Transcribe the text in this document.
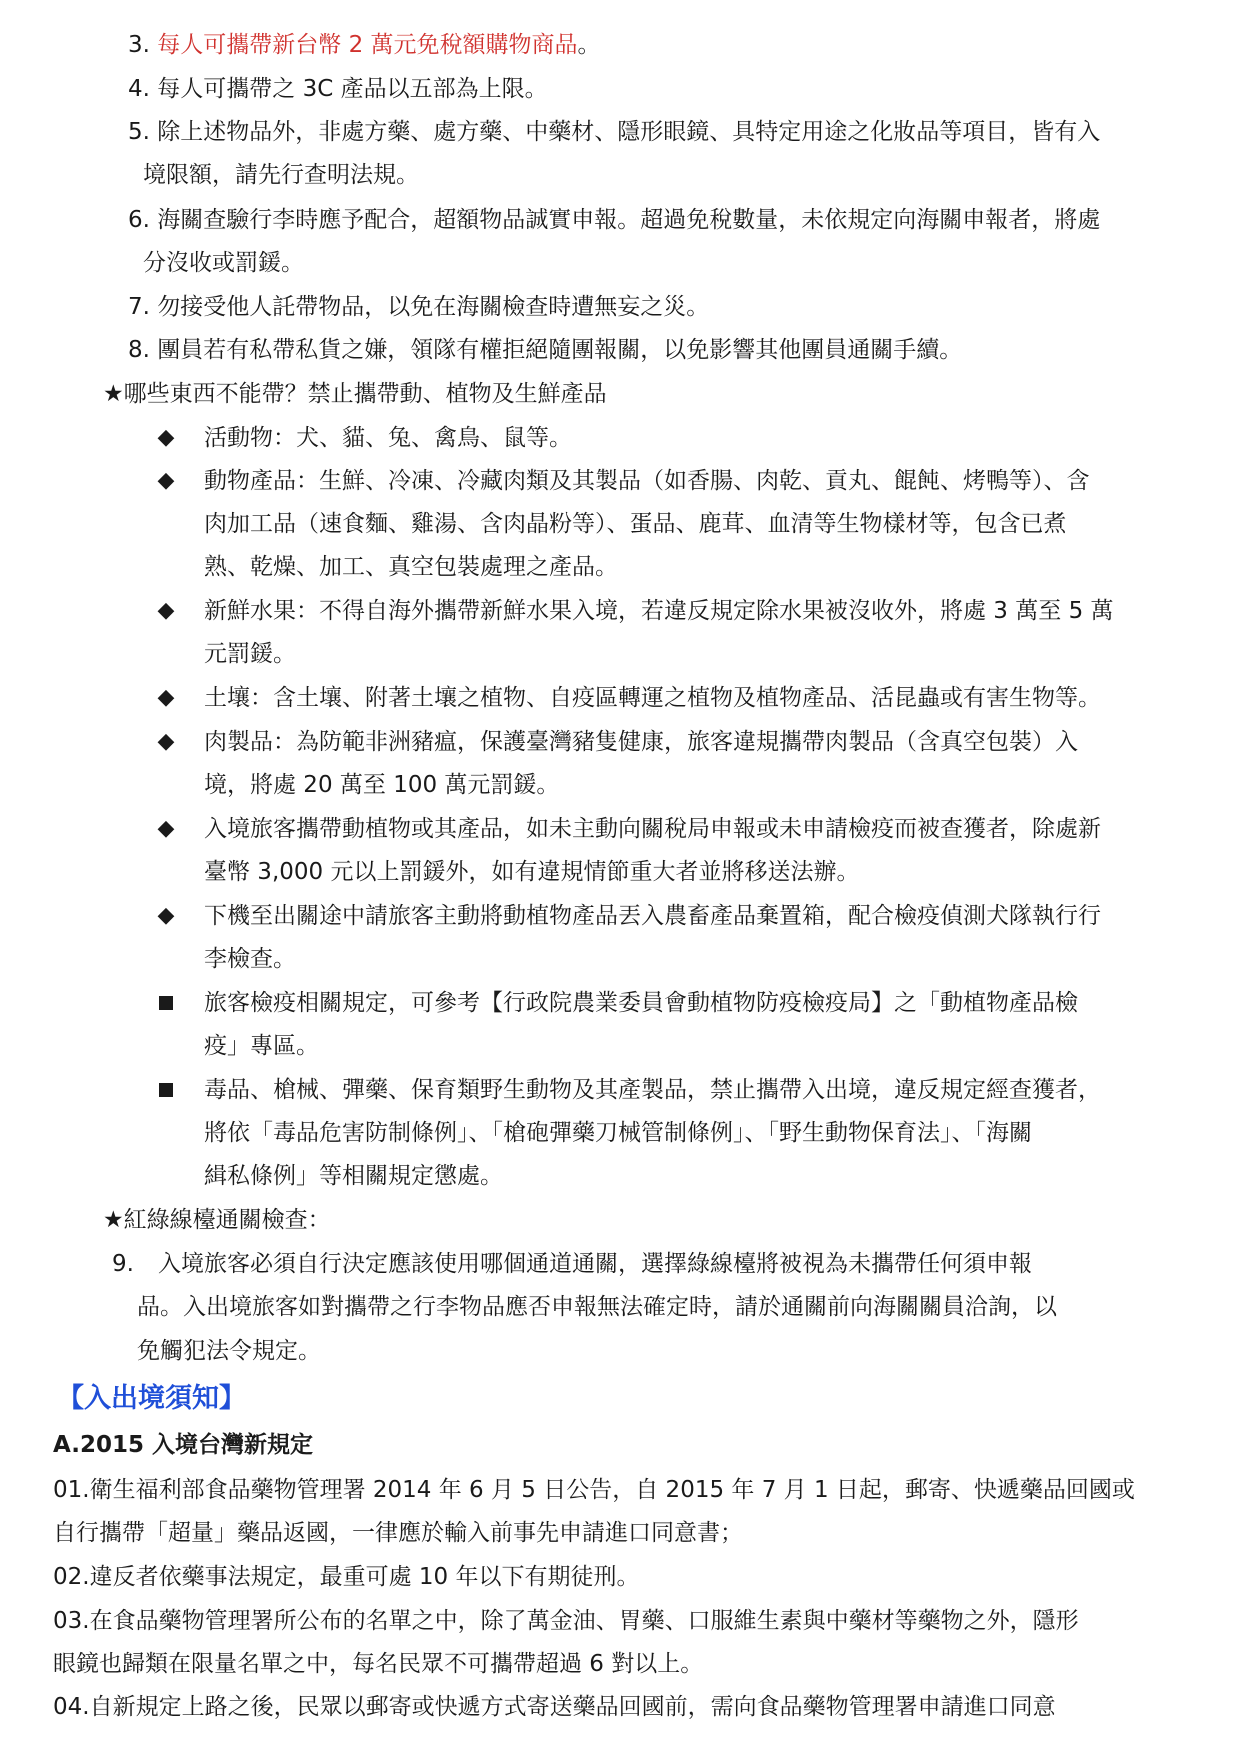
3. 每人可攜帶新台幣 2 萬元免稅額購物商品。
4. 每人可攜帶之 3C 產品以五部為上限。
5. 除上述物品外，非處方藥、處方藥、中藥材、隱形眼鏡、具特定用途之化妝品等項目，皆有入
境限額，請先行查明法規。
6. 海關查驗行李時應予配合，超額物品誠實申報。超過免稅數量，未依規定向海關申報者，將處
分沒收或罰鍰。
7. 勿接受他人託帶物品，以免在海關檢查時遭無妄之災。
8. 團員若有私帶私貨之嫌，領隊有權拒絕隨團報關，以免影響其他團員通關手續。
★哪些東西不能帶？禁止攜帶動、植物及生鮮產品
◆ 活動物：犬、貓、兔、禽鳥、鼠等。
◆ 動物產品：生鮮、冷凍、冷藏肉類及其製品（如香腸、肉乾、貢丸、餛飩、烤鴨等）、含
肉加工品（速食麵、雞湯、含肉晶粉等）、蛋品、鹿茸、血清等生物樣材等，包含已煮
熟、乾燥、加工、真空包裝處理之產品。
◆ 新鮮水果：不得自海外攜帶新鮮水果入境，若違反規定除水果被沒收外，將處 3 萬至 5 萬
元罰鍰。
◆ 土壤：含土壤、附著土壤之植物、自疫區轉運之植物及植物產品、活昆蟲或有害生物等。
◆ 肉製品：為防範非洲豬瘟，保護臺灣豬隻健康，旅客違規攜帶肉製品（含真空包裝）入
境，將處 20 萬至 100 萬元罰鍰。
◆ 入境旅客攜帶動植物或其產品，如未主動向關稅局申報或未申請檢疫而被查獲者，除處新
臺幣 3,000 元以上罰鍰外，如有違規情節重大者並將移送法辦。
◆ 下機至出關途中請旅客主動將動植物產品丟入農畜產品棄置箱，配合檢疫偵測犬隊執行行
李檢查。
旅客檢疫相關規定，可參考【行政院農業委員會動植物防疫檢疫局】之「動植物產品檢
疫」專區。
毒品、槍械、彈藥、保育類野生動物及其產製品，禁止攜帶入出境，違反規定經查獲者，
將依「毒品危害防制條例」、「槍砲彈藥刀械管制條例」、「野生動物保育法」、「海關
緝私條例」等相關規定懲處。
★紅綠線檯通關檢查：
9. 入境旅客必須自行決定應該使用哪個通道通關，選擇綠線檯將被視為未攜帶任何須申報
品。入出境旅客如對攜帶之行李物品應否申報無法確定時，請於通關前向海關關員洽詢，以
免觸犯法令規定。
【入出境須知】
A.2015 入境台灣新規定
01.衛生福利部食品藥物管理署 2014 年 6 月 5 日公告，自 2015 年 7 月 1 日起，郵寄、快遞藥品回國或
自行攜帶「超量」藥品返國，一律應於輸入前事先申請進口同意書；
02.違反者依藥事法規定，最重可處 10 年以下有期徒刑。
03.在食品藥物管理署所公布的名單之中，除了萬金油、胃藥、口服維生素與中藥材等藥物之外，隱形
眼鏡也歸類在限量名單之中，每名民眾不可攜帶超過 6 對以上。
04.自新規定上路之後，民眾以郵寄或快遞方式寄送藥品回國前，需向食品藥物管理署申請進口同意
